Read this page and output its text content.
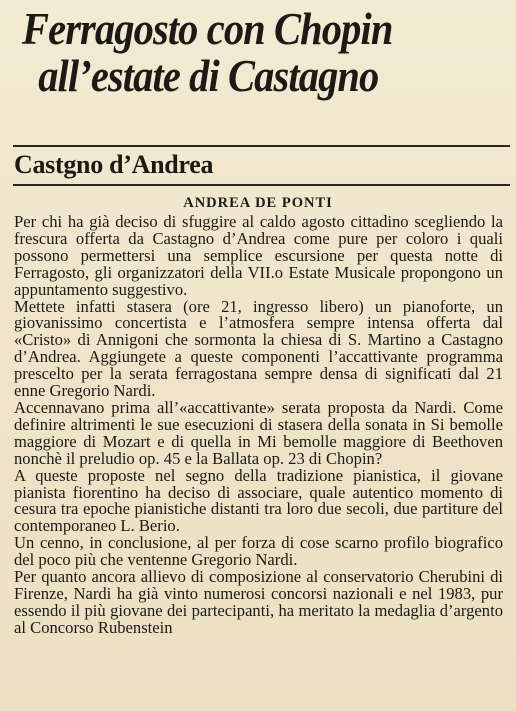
Ferragosto con Chopin
all’estate di Castagno
Castgno d’Andrea
ANDREA DE PONTI

Per chi ha già deciso di sfuggire al caldo agosto cittadino scegliendo la frescura offerta da Castagno d’Andrea come pure per coloro i quali possono permettersi una semplice escursione per questa notte di Ferragosto, gli organizzatori della VII.o Estate Musicale propongono un appuntamento suggestivo.

Mettete infatti stasera (ore 21, ingresso libero) un pianoforte, un giovanissimo concertista e l’atmosfera sempre intensa offerta dal «Cristo» di Annigoni che sormonta la chiesa di S. Martino a Castagno d’Andrea. Aggiungete a queste componenti l’accattivante programma prescelto per la serata ferragostana sempre densa di significati dal 21 enne Gregorio Nardi.

Accennavano prima all’«accattivante» serata proposta da Nardi. Come definire altrimenti le sue esecuzioni di stasera della sonata in Si bemolle maggiore di Mozart e di quella in Mi bemolle maggiore di Beethoven nonchè il preludio op. 45 e la Ballata op. 23 di Chopin?

A queste proposte nel segno della tradizione pianistica, il giovane pianista fiorentino ha deciso di associare, quale autentico momento di cesura tra epoche pianistiche distanti tra loro due secoli, due partiture del contemporaneo L. Berio.

Un cenno, in conclusione, al per forza di cose scarno profilo biografico del poco più che ventenne Gregorio Nardi.

Per quanto ancora allievo di composizione al conservatorio Cherubini di Firenze, Nardi ha già vinto numerosi concorsi nazionali e nel 1983, pur essendo il più giovane dei partecipanti, ha meritato la medaglia d’argento al Concorso Rubenstein
